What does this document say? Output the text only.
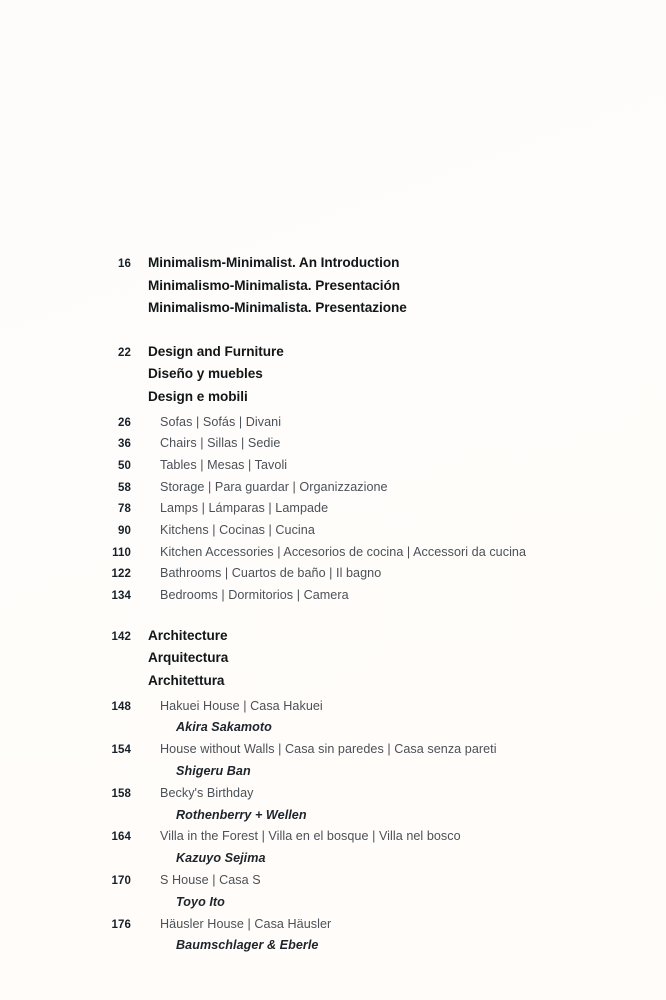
16	Minimalism-Minimalist. An Introduction
Minimalismo-Minimalista. Presentación
Minimalismo-Minimalista. Presentazione
22	Design and Furniture
Diseño y muebles
Design e mobili
26	Sofas | Sofás | Divani
36	Chairs | Sillas | Sedie
50	Tables | Mesas | Tavoli
58	Storage | Para guardar | Organizzazione
78	Lamps | Lámparas | Lampade
90	Kitchens | Cocinas | Cucina
110	Kitchen Accessories | Accesorios de cocina | Accessori da cucina
122	Bathrooms | Cuartos de baño | Il bagno
134	Bedrooms | Dormitorios | Camera
142	Architecture
Arquitectura
Architettura
148	Hakuei House | Casa Hakuei
Akira Sakamoto
154	House without Walls | Casa sin paredes | Casa senza pareti
Shigeru Ban
158	Becky's Birthday
Rothenberry + Wellen
164	Villa in the Forest | Villa en el bosque | Villa nel bosco
Kazuyo Sejima
170	S House | Casa S
Toyo Ito
176	Häusler House | Casa Häusler
Baumschlager & Eberle
